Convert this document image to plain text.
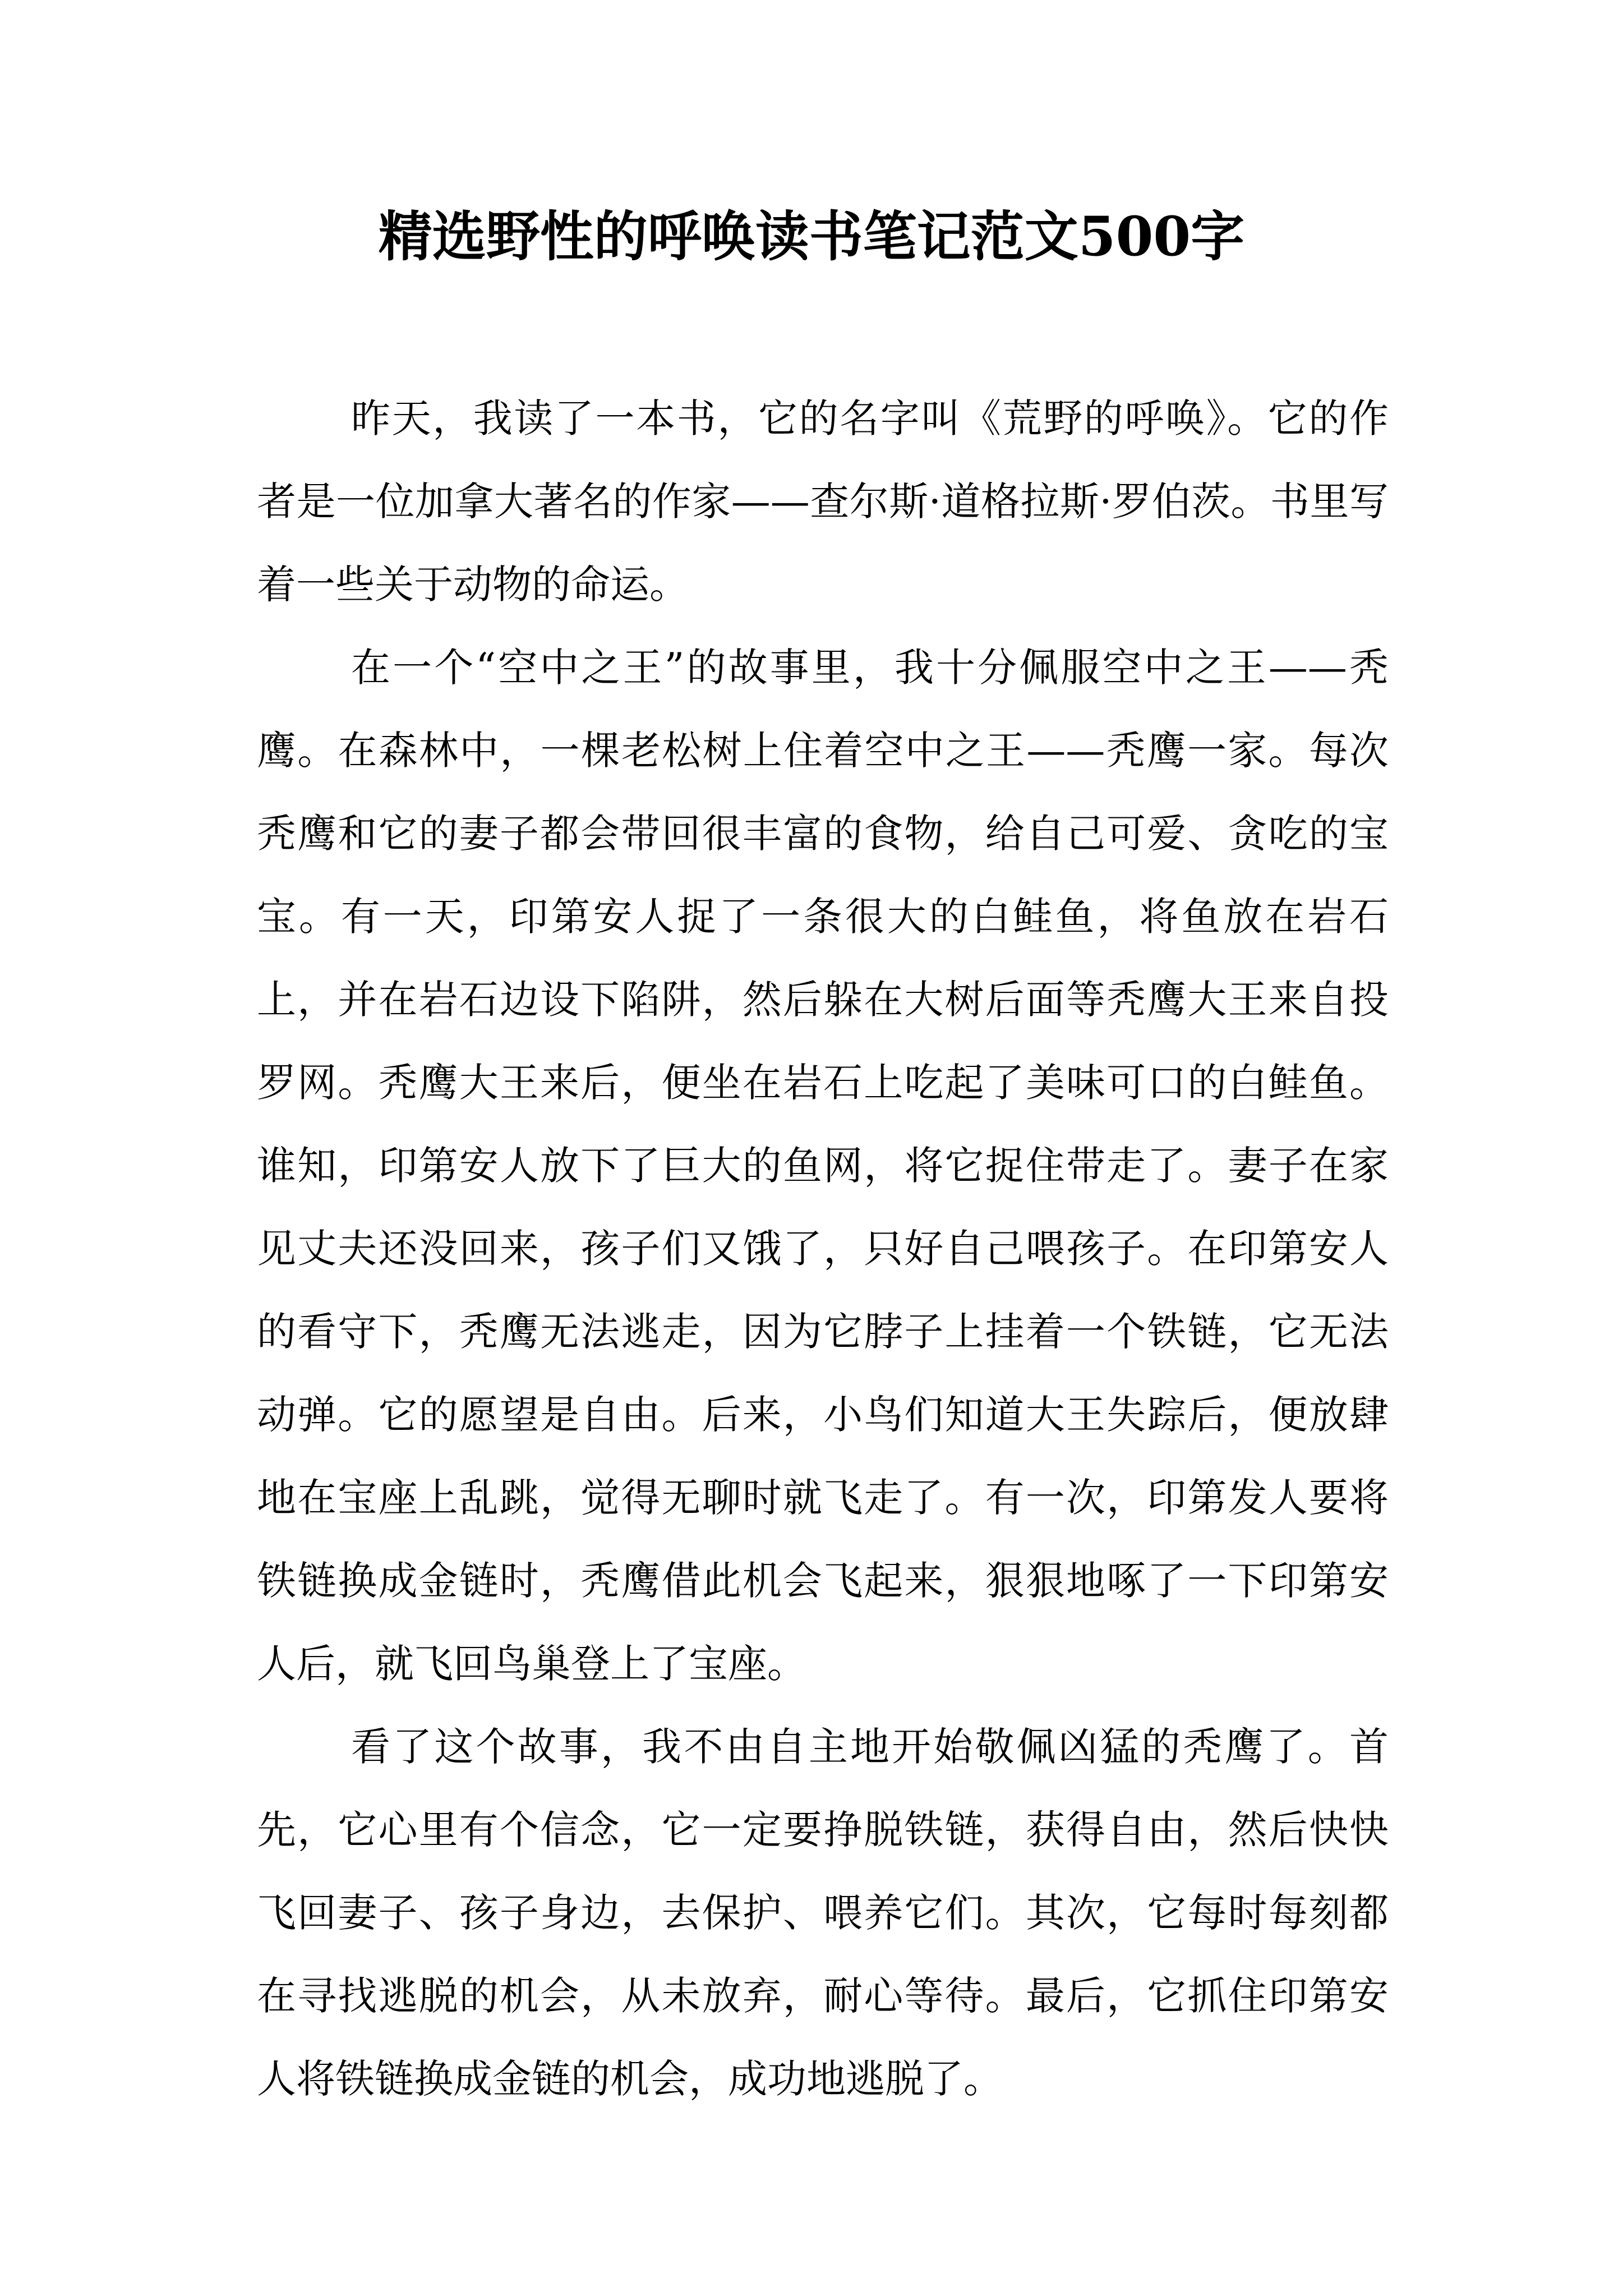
精选野性的呼唤读书笔记范文500字

昨天，我读了一本书，它的名字叫《荒野的呼唤》。它的作者是一位加拿大著名的作家——查尔斯·道格拉斯·罗伯茨。书里写着一些关于动物的命运。

在一个“空中之王”的故事里，我十分佩服空中之王——秃鹰。在森林中，一棵老松树上住着空中之王——秃鹰一家。每次秃鹰和它的妻子都会带回很丰富的食物，给自己可爱、贪吃的宝宝。有一天，印第安人捉了一条很大的白鲑鱼，将鱼放在岩石上，并在岩石边设下陷阱，然后躲在大树后面等秃鹰大王来自投罗网。秃鹰大王来后，便坐在岩石上吃起了美味可口的白鲑鱼。谁知，印第安人放下了巨大的鱼网，将它捉住带走了。妻子在家见丈夫还没回来，孩子们又饿了，只好自己喂孩子。在印第安人的看守下，秃鹰无法逃走，因为它脖子上挂着一个铁链，它无法动弹。它的愿望是自由。后来，小鸟们知道大王失踪后，便放肆地在宝座上乱跳，觉得无聊时就飞走了。有一次，印第发人要将铁链换成金链时，秃鹰借此机会飞起来，狠狠地啄了一下印第安人后，就飞回鸟巢登上了宝座。

看了这个故事，我不由自主地开始敬佩凶猛的秃鹰了。首先，它心里有个信念，它一定要挣脱铁链，获得自由，然后快快飞回妻子、孩子身边，去保护、喂养它们。其次，它每时每刻都在寻找逃脱的机会，从未放弃，耐心等待。最后，它抓住印第安人将铁链换成金链的机会，成功地逃脱了。
